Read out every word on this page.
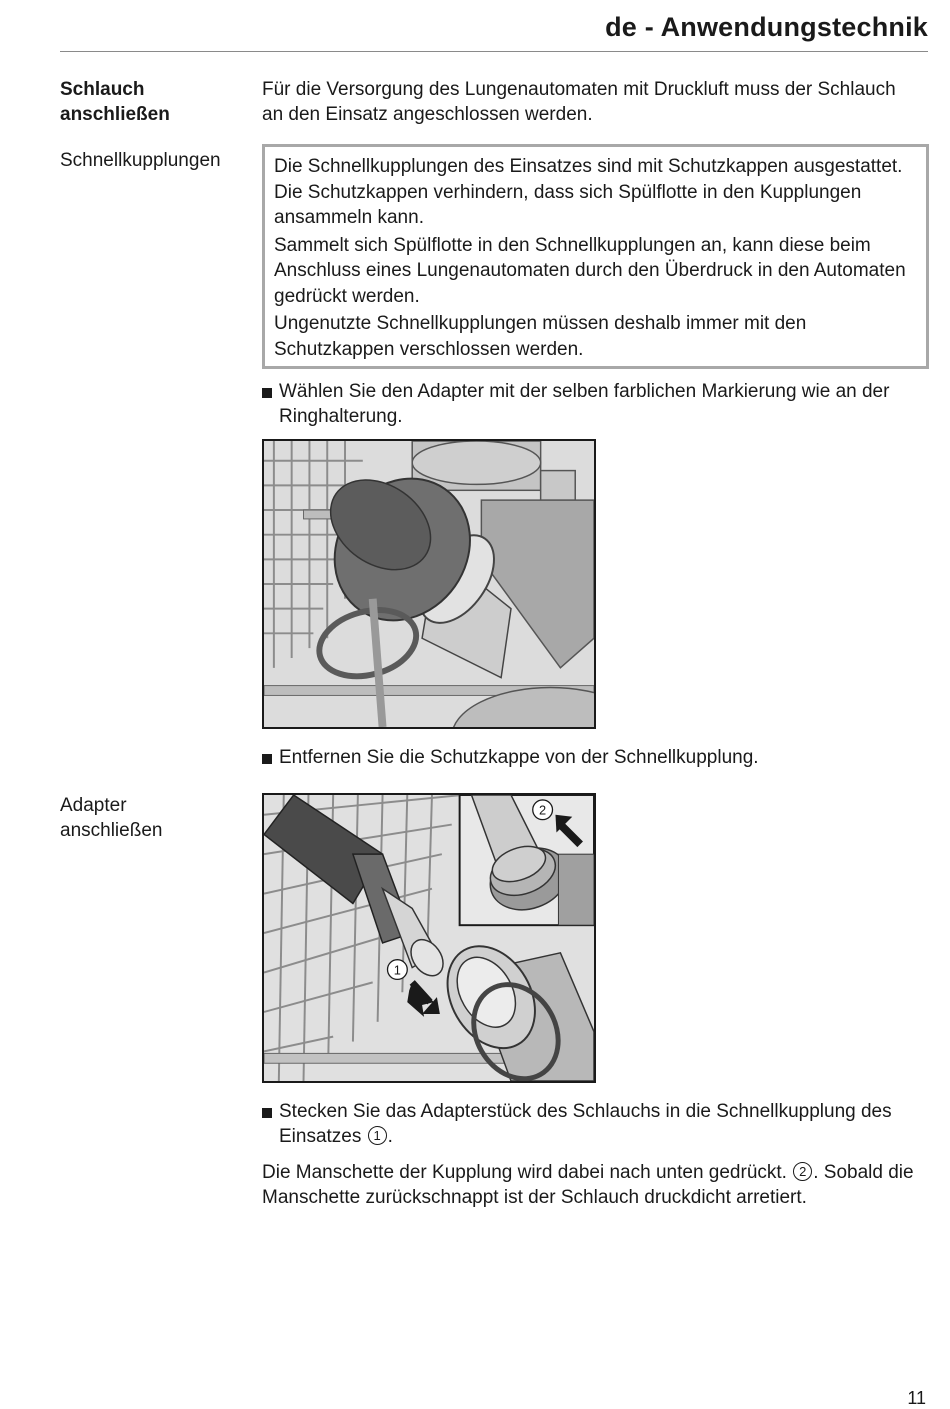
de - Anwendungstechnik
Schlauch anschließen
Für die Versorgung des Lungenautomaten mit Druckluft muss der Schlauch an den Einsatz angeschlossen werden.
Schnellkupplungen	Die Schnellkupplungen des Einsatzes sind mit Schutzkappen ausgestattet. Die Schutzkappen verhindern, dass sich Spülflotte in den Kupplungen ansammeln kann.

Sammelt sich Spülflotte in den Schnellkupplungen an, kann diese beim Anschluss eines Lungenautomaten durch den Überdruck in den Automaten gedrückt werden.

Ungenutzte Schnellkupplungen müssen deshalb immer mit den Schutzkappen verschlossen werden.

Wählen Sie den Adapter mit der selben farblichen Markierung wie an der Ringhalterung.
Entfernen Sie die Schutzkappe von der Schnellkupplung.
Adapter anschließen
1
2
Stecken Sie das Adapterstück des Schlauchs in die Schnellkupplung des Einsatzes 1 .
Die Manschette der Kupplung wird dabei nach unten gedrückt. 2 . Sobald die Manschette zurückschnappt ist der Schlauch druckdicht arretiert.
11
